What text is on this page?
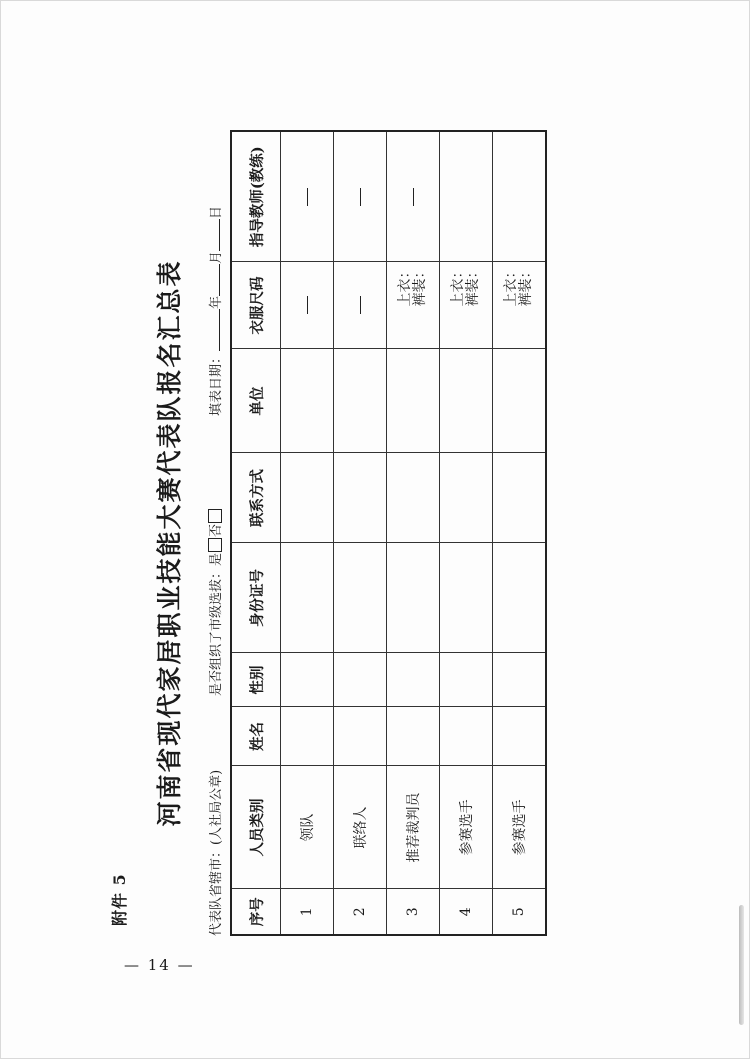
— 14 —
附件 5
河南省现代家居职业技能大赛代表队报名汇总表
代表队省辖市：(人社局公章)
是否组织了市级选拔：是否
填表日期：年月日
序号	人员类别	姓名	性别	身份证号	联系方式	单位	衣服尺码	指导教师(教练)
1	领队							
2	联络人							
3	推荐裁判员						上衣： 裤装：	

4	参赛选手						上衣： 裤装：	

5	参赛选手						上衣： 裤装：	
